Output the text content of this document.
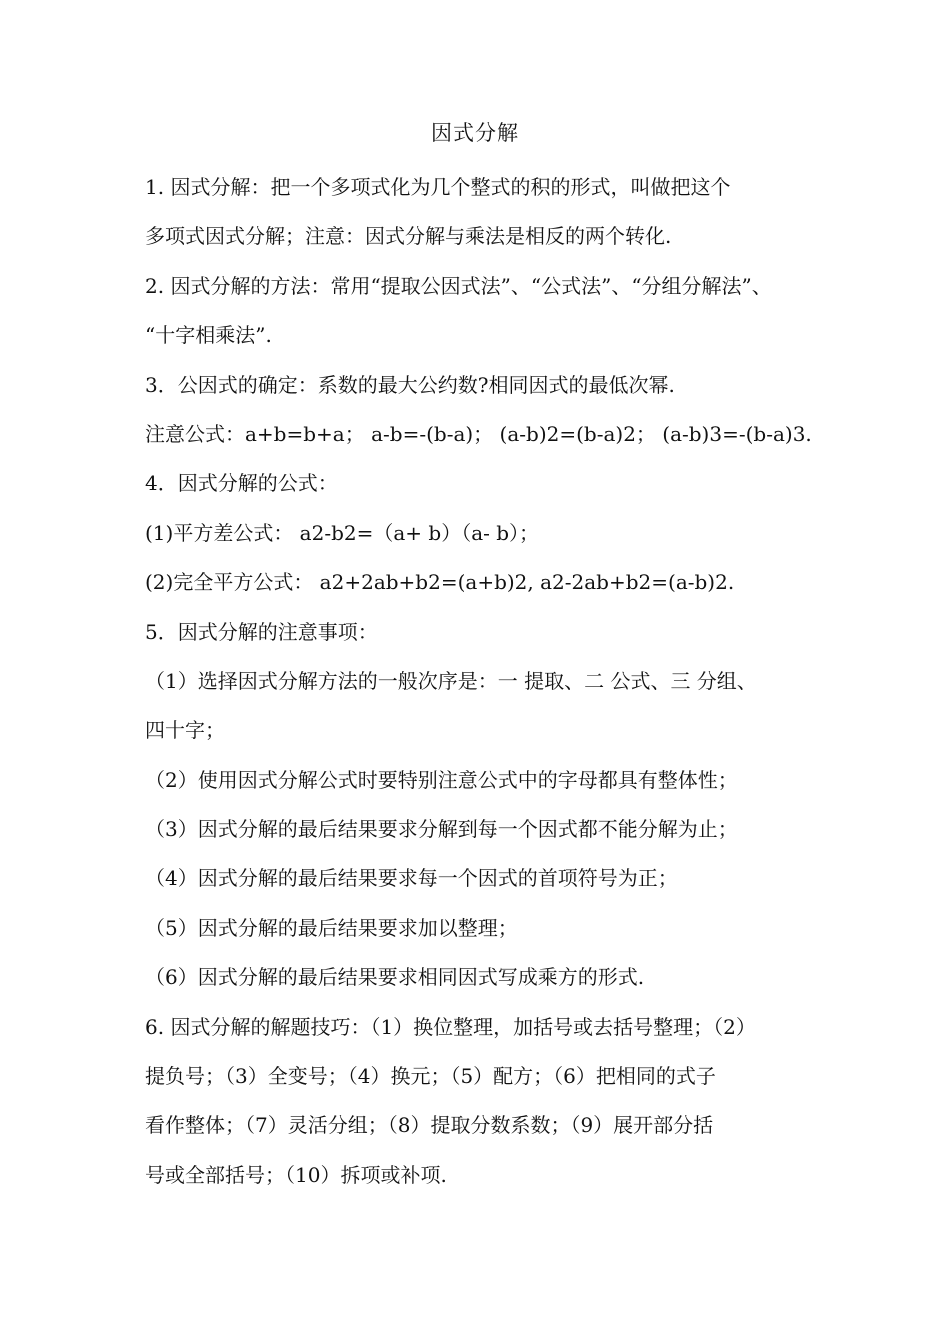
因式分解
1. 因式分解：把一个多项式化为几个整式的积的形式，叫做把这个
多项式因式分解；注意：因式分解与乘法是相反的两个转化.
2. 因式分解的方法：常用“提取公因式法”、“公式法”、“分组分解法”、
“十字相乘法”.
3．公因式的确定：系数的最大公约数?相同因式的最低次幂.
注意公式：a+b=b+a； a-b=-(b-a)； (a-b)2=(b-a)2； (a-b)3=-(b-a)3.
4．因式分解的公式：
(1)平方差公式： a2-b2=（a+ b）（a- b）；
(2)完全平方公式： a2+2ab+b2=(a+b)2, a2-2ab+b2=(a-b)2.
5．因式分解的注意事项：
（1）选择因式分解方法的一般次序是：一 提取、二 公式、三 分组、
四十字；
（2）使用因式分解公式时要特别注意公式中的字母都具有整体性；
（3）因式分解的最后结果要求分解到每一个因式都不能分解为止；
（4）因式分解的最后结果要求每一个因式的首项符号为正；
（5）因式分解的最后结果要求加以整理；
（6）因式分解的最后结果要求相同因式写成乘方的形式.
6. 因式分解的解题技巧：（1）换位整理，加括号或去括号整理；（2）
提负号；（3）全变号；（4）换元；（5）配方；（6）把相同的式子
看作整体；（7）灵活分组；（8）提取分数系数；（9）展开部分括
号或全部括号；（10）拆项或补项.
